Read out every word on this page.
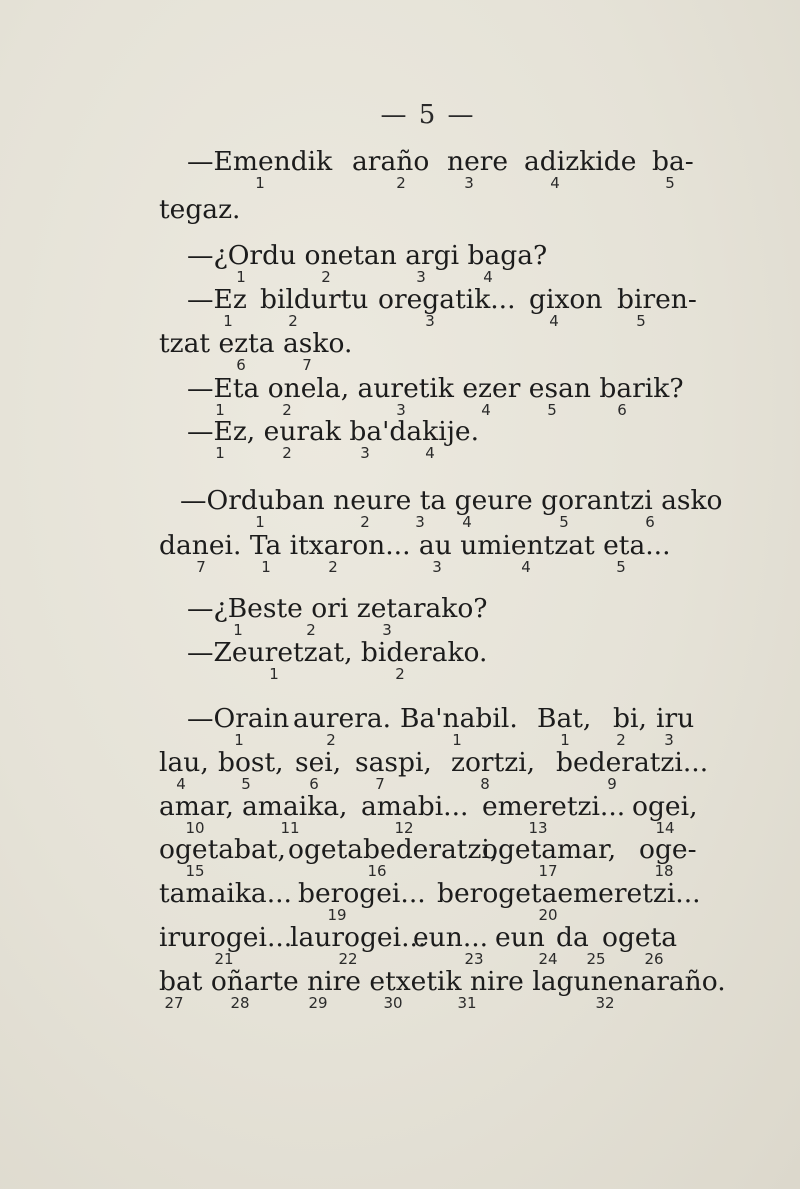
— 5 —
—Emendik araño nere adizkide ba-
1	2	3	4	5
tegaz.
—¿Ordu onetan argi baga?
1	2	3	4
—Ez bildurtu oregatik... gixon biren-
1	2	3	4	5
tzat ezta asko.
6	7
—Eta onela, auretik ezer esan barik?
1	2	3	4	5	6
—Ez, eurak ba'dakije.
1	2	3	4
—Orduban neure ta geure gorantzi asko
1	2	3 4	5	6
danei. Ta itxaron... au umientzat eta...
7	1	2	3	4	5
—¿Beste ori zetarako?
1	2	3
—Zeuretzat, biderako.
1	2
—Orain aurera. Ba'nabil. Bat, bi, iru
1	2	1	1	2	3
lau, bost, sei, saspi, zortzi, bederatzi...
4	5	6	7	8	9
amar, amaika, amabi... emeretzi... ogei,
10	11	12	13	14
ogetabat, ogetabederatzi,
ogetamar, oge-
15	16	17	18
tamaika... berogei... berogetaemeretzi...
19	20
irurogei...
laurogei...
eun... eun da ogeta
21	22	23	24 25	26
bat oñarte nire etxetik nire lagunenaraño.
27	28	29	30	31	32
